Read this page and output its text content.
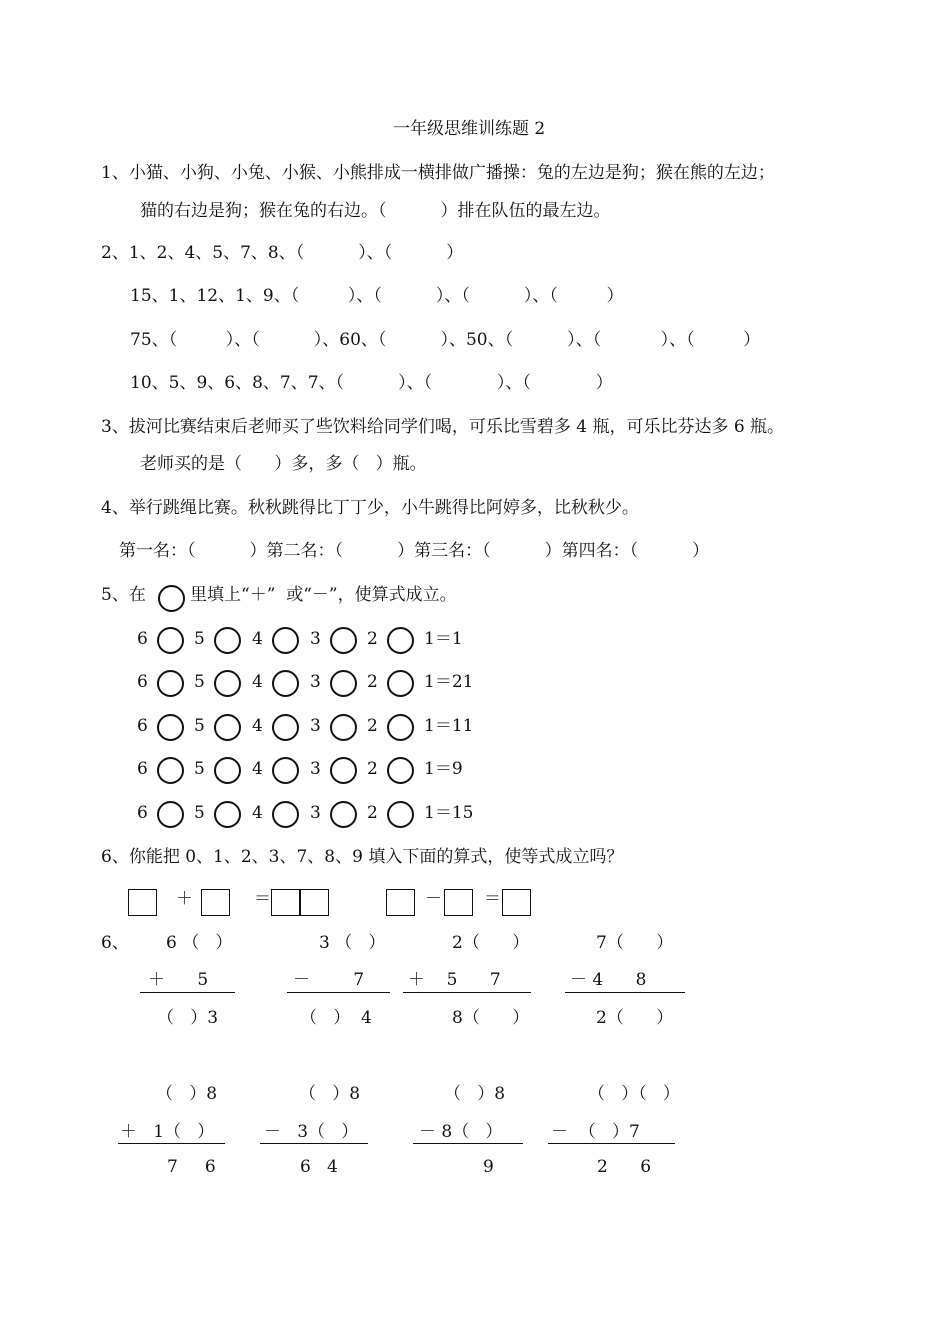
一年级思维训练题 2
1、小猫、小狗、小兔、小猴、小熊排成一横排做广播操：兔的左边是狗；猴在熊的左边；
猫的右边是狗；猴在兔的右边。（          ）排在队伍的最左边。
2、1、2、4、5、7、8、（          ）、（          ）
15、1、12、1、9、（         ）、（          ）、（          ）、（         ）
75、（         ）、（          ）、60、（          ）、50、（          ）、（           ）、（         ）
10、5、9、6、8、7、7、（          ）、（            ）、（            ）
3、拔河比赛结束后老师买了些饮料给同学们喝，可乐比雪碧多 4 瓶，可乐比芬达多 6 瓶。
老师买的是（      ）多，多（   ）瓶。
4、举行跳绳比赛。秋秋跳得比丁丁少，小牛跳得比阿婷多，比秋秋少。
第一名：（          ）第二名：（          ）第三名：（          ）第四名：（          ）
5、在	里填上“＋”  或“－”，使算式成立。
6	5	4	3	2	1＝1
6	5	4	3	2	1＝21
6	5	4	3	2	1＝11
6	5	4	3	2	1＝9
6	5	4	3	2	1＝15
6、你能把 0、1、2、3、7、8、9 填入下面的算式，使等式成立吗？
＋	＝	－ ＝
6、 6 （   ）
＋      5
（   ）3
3 （   ）
－        7
（   ）  4
2（      ）
＋    5      7
8（      ）
7（      ）
－ 4      8
2（      ）
（   ）8
＋   1（   ）
7     6
（   ）8
－   3（   ）
6   4
（   ）8
－ 8（   ）
9
（   ）（   ）
－  （   ）7
2      6
